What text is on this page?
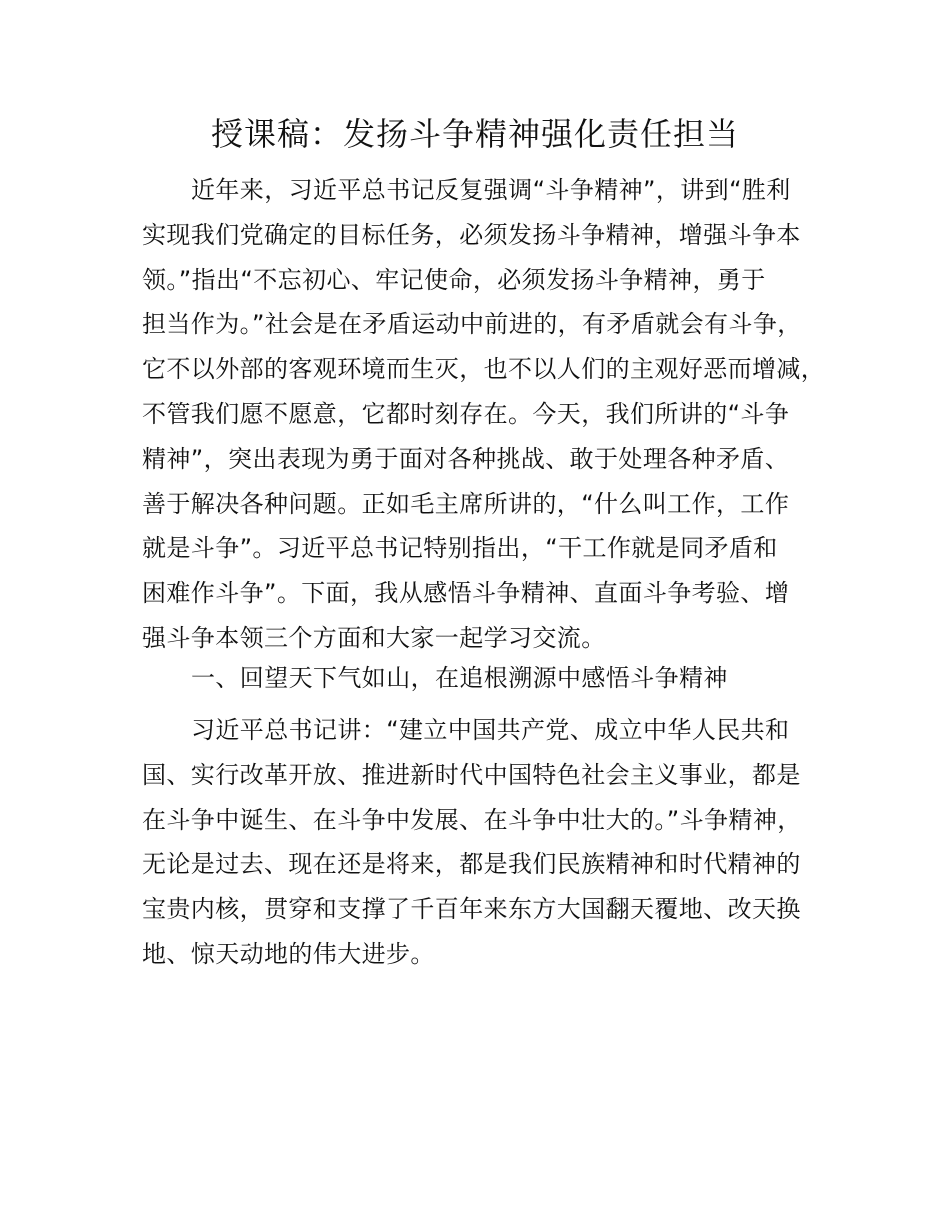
授课稿：发扬斗争精神强化责任担当
近年来，习近平总书记反复强调“斗争精神”，讲到“胜利
实现我们党确定的目标任务，必须发扬斗争精神，增强斗争本
领。”指出“不忘初心、牢记使命，必须发扬斗争精神，勇于
担当作为。”社会是在矛盾运动中前进的，有矛盾就会有斗争，
它不以外部的客观环境而生灭，也不以人们的主观好恶而增减，
不管我们愿不愿意，它都时刻存在。今天，我们所讲的“斗争
精神”，突出表现为勇于面对各种挑战、敢于处理各种矛盾、
善于解决各种问题。正如毛主席所讲的，“什么叫工作，工作
就是斗争”。习近平总书记特别指出，“干工作就是同矛盾和
困难作斗争”。下面，我从感悟斗争精神、直面斗争考验、增
强斗争本领三个方面和大家一起学习交流。
一、回望天下气如山，在追根溯源中感悟斗争精神
习近平总书记讲：“建立中国共产党、成立中华人民共和
国、实行改革开放、推进新时代中国特色社会主义事业，都是
在斗争中诞生、在斗争中发展、在斗争中壮大的。”斗争精神，
无论是过去、现在还是将来，都是我们民族精神和时代精神的
宝贵内核，贯穿和支撑了千百年来东方大国翻天覆地、改天换
地、惊天动地的伟大进步。
